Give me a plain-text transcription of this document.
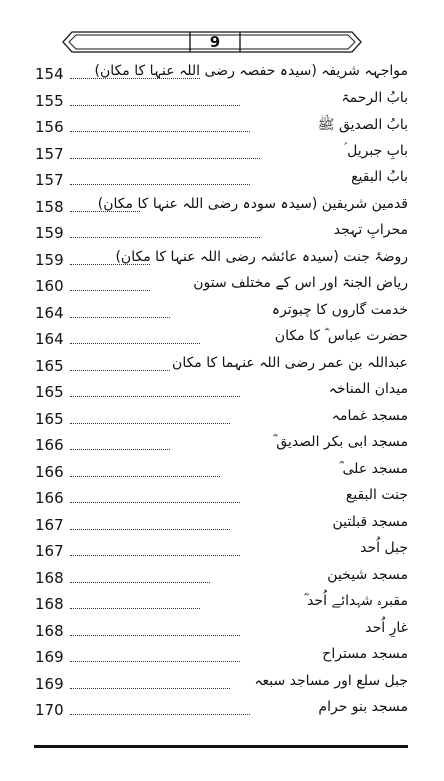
9
154	مواجہہ شریفہ (سیدہ حفصہ رضی اللہ عنہا کا مکان)
155	بابُ الرحمۃ
156	بابُ الصدیق ﷺ
157	بابِ جبریل ؑ
157	بابُ البقیع
158	قدمین شریفین (سیدہ سودہ رضی اللہ عنہا کا مکان)
159	محرابِ تہجد
159	روضۂ جنت (سیدہ عائشہ رضی اللہ عنہا کا مکان)
160	ریاض الجنۃ اور اس کے مختلف ستون
164	خدمت گاروں کا چبوترہ
164	حضرت عباس ؓ کا مکان
165	عبداللہ بن عمر رضی اللہ عنہما کا مکان
165	میدان المناخہ
165	مسجد غمامہ
166	مسجد ابی بکر الصدیق ؓ
166	مسجد علی ؓ
166	جنت البقیع
167	مسجد قبلتین
167	جبل اُحد
168	مسجد شیخین
168	مقبرہ شہدائے اُحد ؓ
168	غارِ اُحد
169	مسجد مستراح
169	جبل سلع اور مساجد سبعہ
170	مسجد بنو حرام
